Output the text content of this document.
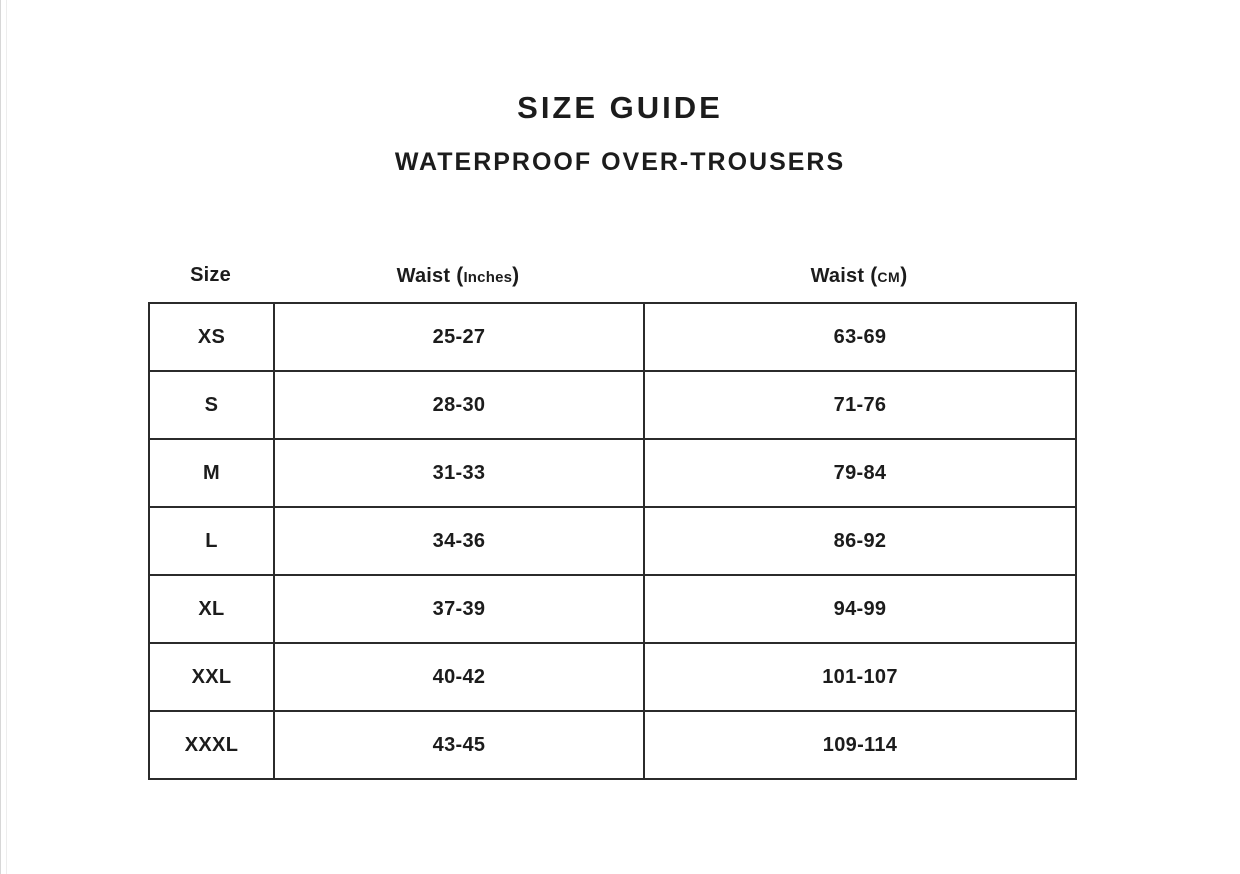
SIZE GUIDE
WATERPROOF OVER-TROUSERS
Size	Waist (Inches)	Waist (CM)
XS	25-27	63-69
S	28-30	71-76
M	31-33	79-84
L	34-36	86-92
XL	37-39	94-99
XXL	40-42	101-107
XXXL	43-45	109-114
